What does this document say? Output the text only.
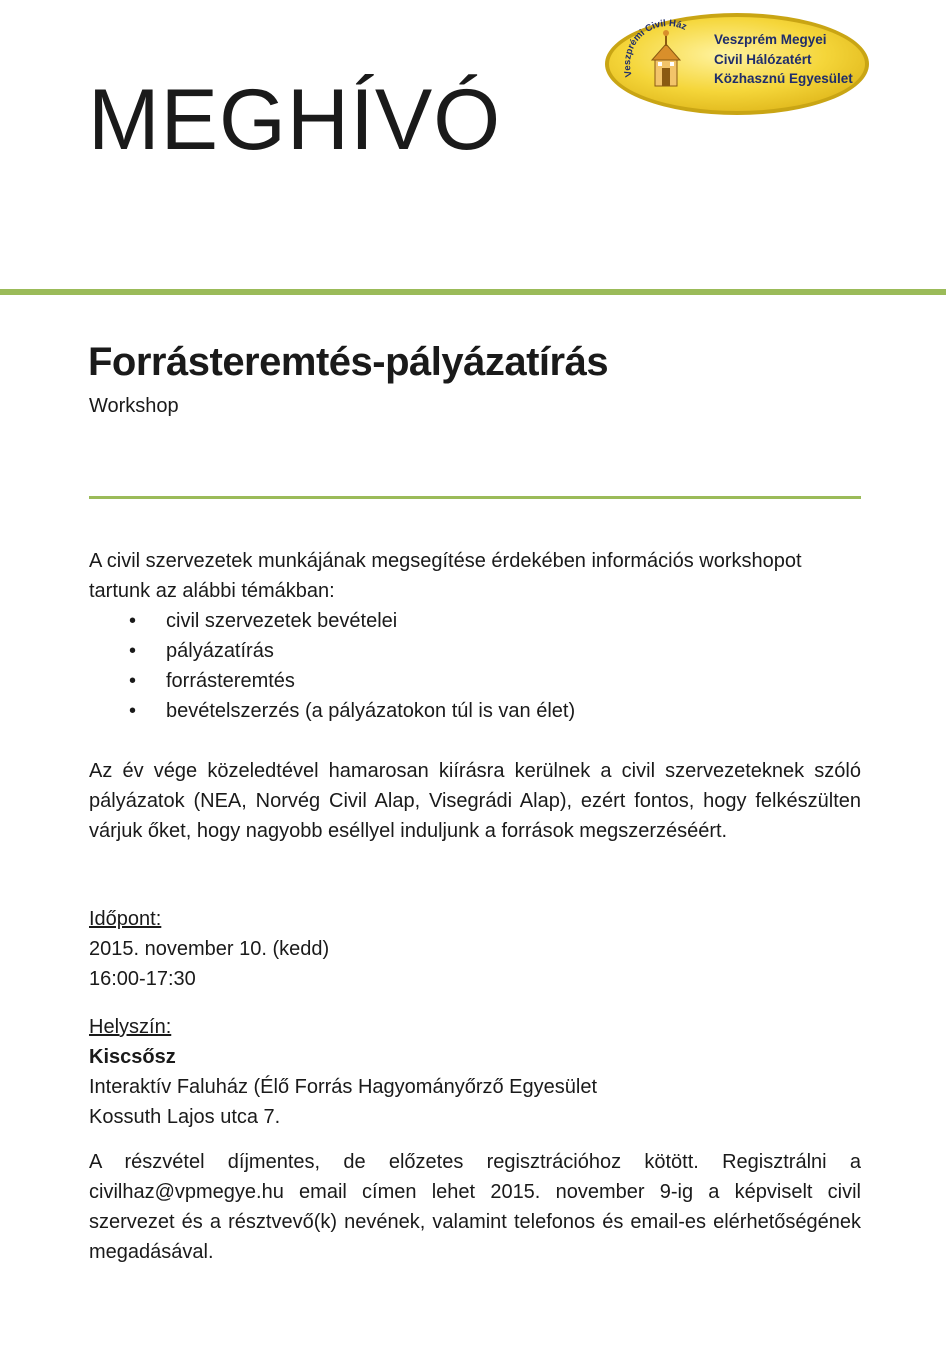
MEGHÍVÓ	Veszprémi Civil Ház
Veszprém Megyei
Civil Hálózatért
Közhasznú Egyesület
Forrásteremtés-pályázatírás
Workshop
A civil szervezetek munkájának megsegítése érdekében információs workshopot tartunk az alábbi témákban:
• civil szervezetek bevételei
• pályázatírás
• forrásteremtés
• bevételszerzés (a pályázatokon túl is van élet)
Az év vége közeledtével hamarosan kiírásra kerülnek a civil szervezeteknek szóló pályázatok (NEA, Norvég Civil Alap, Visegrádi Alap), ezért fontos, hogy felkészülten várjuk őket, hogy nagyobb eséllyel induljunk a források megszerzéséért.
Időpont:
2015. november 10. (kedd)
16:00-17:30
Helyszín:
Kiscsősz
Interaktív Faluház (Élő Forrás Hagyományőrző Egyesület
Kossuth Lajos utca 7.
A részvétel díjmentes, de előzetes regisztrációhoz kötött. Regisztrálni a civilhaz@vpmegye.hu email címen lehet 2015. november 9-ig a képviselt civil szervezet és a résztvevő(k) nevének, valamint telefonos és email-es elérhetőségének megadásával.
